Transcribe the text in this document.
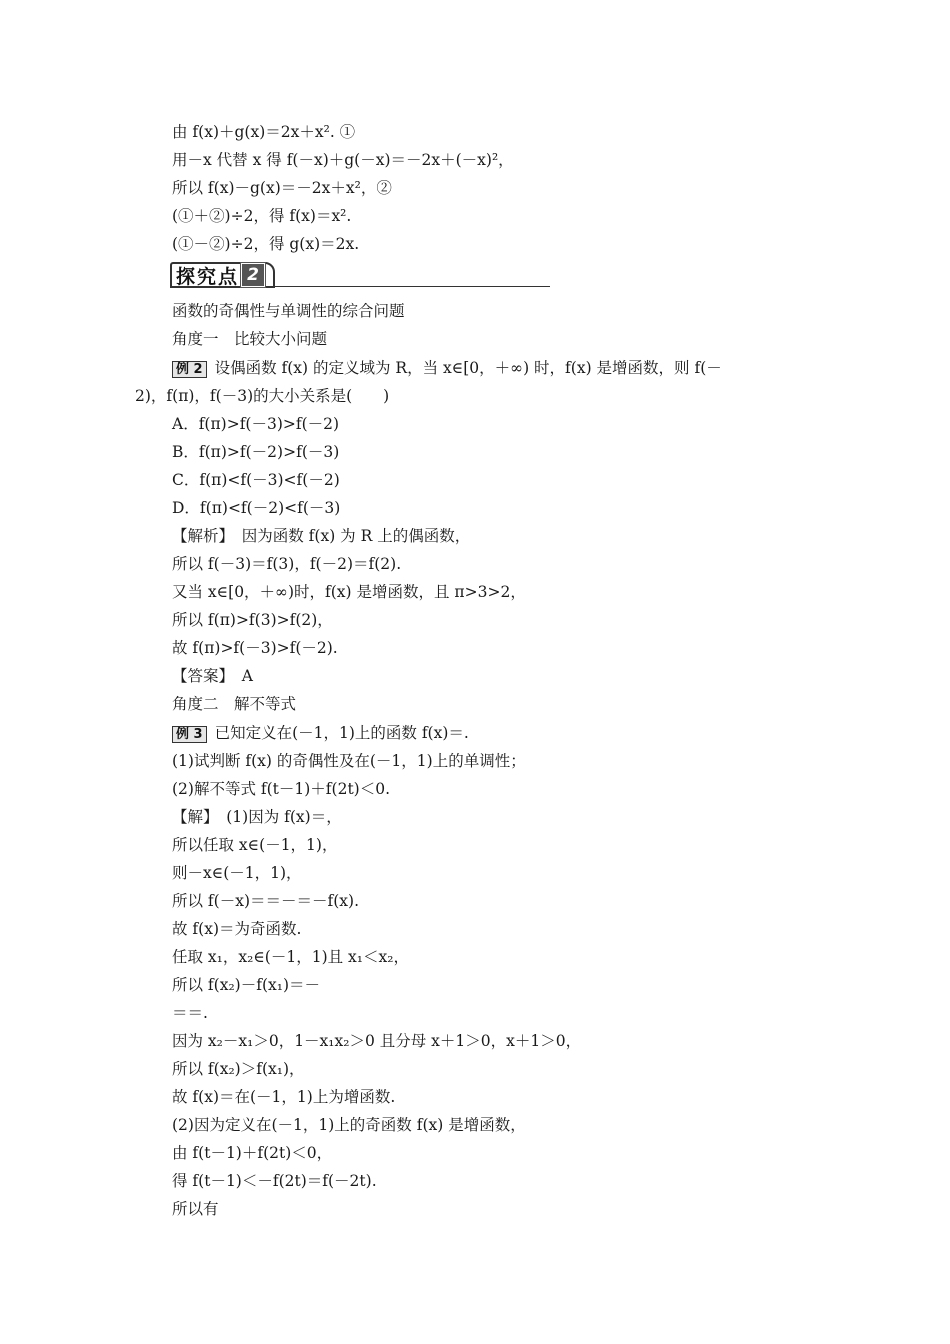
由 f(x)＋g(x)＝2x＋x². ①
用－x 代替 x 得 f(－x)＋g(－x)＝－2x＋(－x)²，
所以 f(x)－g(x)＝－2x＋x²，②
(①＋②)÷2，得 f(x)＝x².
(①－②)÷2，得 g(x)＝2x.
探究点 2
函数的奇偶性与单调性的综合问题
角度一　比较大小问题
例 2 设偶函数 f(x) 的定义域为 R，当 x∈[0，＋∞) 时，f(x) 是增函数，则 f(－
2)，f(π)，f(－3)的大小关系是(　　)
A．f(π)>f(－3)>f(－2)
B．f(π)>f(－2)>f(－3)
C．f(π)<f(－3)<f(－2)
D．f(π)<f(－2)<f(－3)
【解析】　因为函数 f(x) 为 R 上的偶函数，
所以 f(－3)＝f(3)，f(－2)＝f(2).
又当 x∈[0，＋∞)时，f(x) 是增函数，且 π>3>2，
所以 f(π)>f(3)>f(2)，
故 f(π)>f(－3)>f(－2).
【答案】　A
角度二　解不等式
例 3 已知定义在(－1，1)上的函数 f(x)＝.
(1)试判断 f(x) 的奇偶性及在(－1，1)上的单调性；
(2)解不等式 f(t－1)＋f(2t)＜0.
【解】　(1)因为 f(x)＝，
所以任取 x∈(－1，1)，
则－x∈(－1，1)，
所以 f(－x)＝＝－＝－f(x).
故 f(x)＝为奇函数.
任取 x₁，x₂∈(－1，1)且 x₁＜x₂，
所以 f(x₂)－f(x₁)＝－
＝＝.
因为 x₂－x₁＞0，1－x₁x₂＞0 且分母 x＋1＞0，x＋1＞0，
所以 f(x₂)＞f(x₁)，
故 f(x)＝在(－1，1)上为增函数.
(2)因为定义在(－1，1)上的奇函数 f(x) 是增函数，
由 f(t－1)＋f(2t)＜0，
得 f(t－1)＜－f(2t)＝f(－2t).
所以有
